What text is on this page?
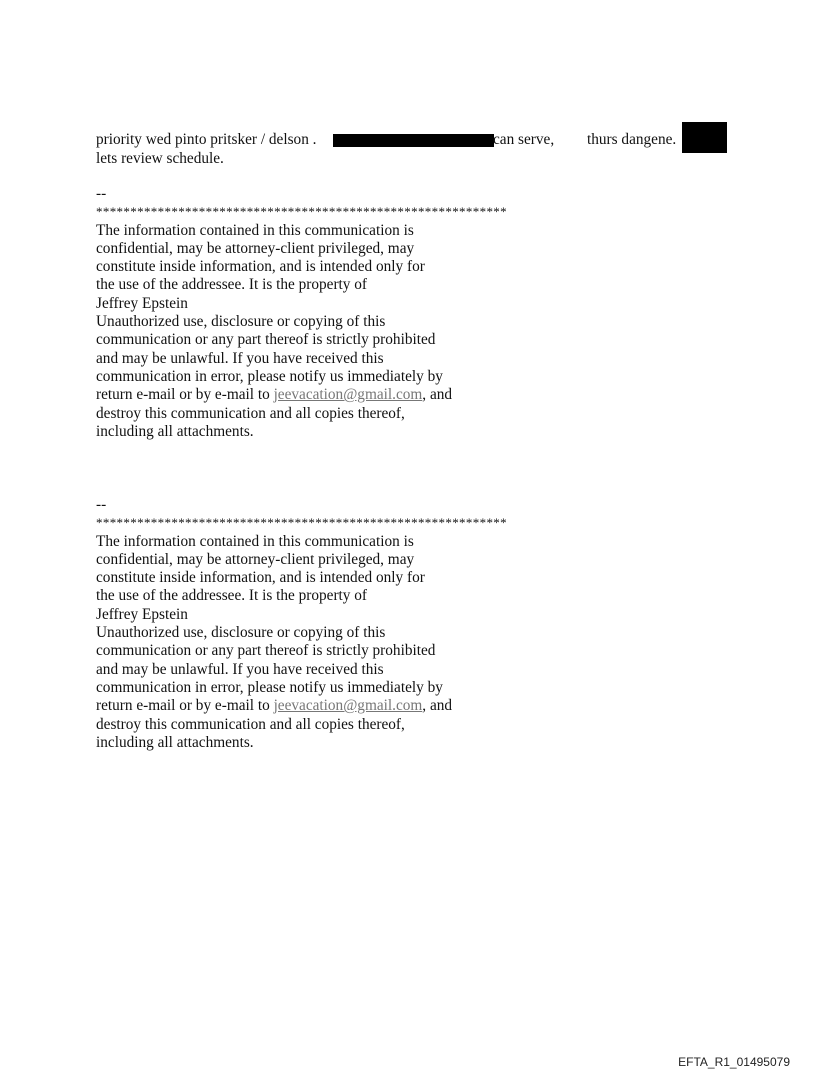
priority wed pinto pritsker / delson .	can serve, thurs dangene.
lets review schedule.
--
************************************************************
The information contained in this communication is
confidential, may be attorney-client privileged, may
constitute inside information, and is intended only for
the use of the addressee. It is the property of
Jeffrey Epstein
Unauthorized use, disclosure or copying of this
communication or any part thereof is strictly prohibited
and may be unlawful. If you have received this
communication in error, please notify us immediately by
return e-mail or by e-mail to jeevacation@gmail.com, and
destroy this communication and all copies thereof,
including all attachments.
--
************************************************************
The information contained in this communication is
confidential, may be attorney-client privileged, may
constitute inside information, and is intended only for
the use of the addressee. It is the property of
Jeffrey Epstein
Unauthorized use, disclosure or copying of this
communication or any part thereof is strictly prohibited
and may be unlawful. If you have received this
communication in error, please notify us immediately by
return e-mail or by e-mail to jeevacation@gmail.com, and
destroy this communication and all copies thereof,
including all attachments.
EFTA_R1_01495079
